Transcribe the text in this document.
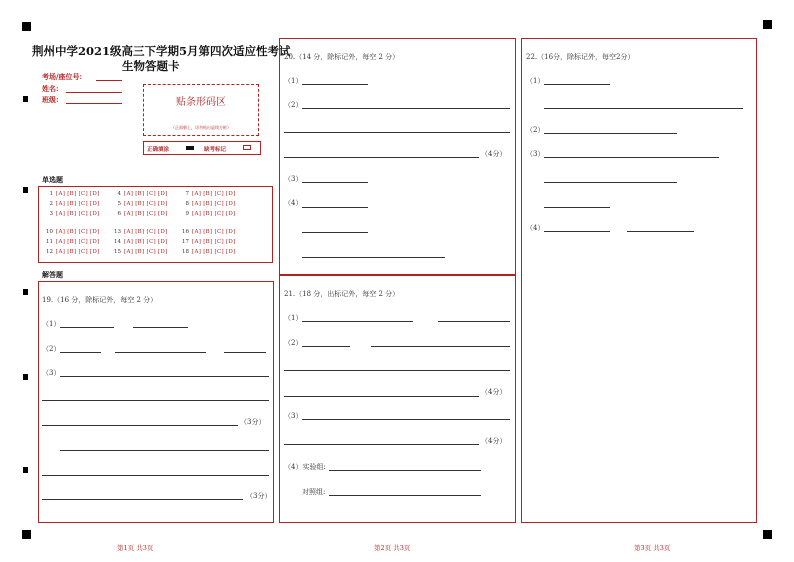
荆州中学2021级高三下学期5月第四次适应性考试
生物答题卡
考场/座位号:
姓名:
班级:	贴条形码区
（正面朝上，切勿贴出虚线方框）
正确填涂	缺考标记
单选题
1 [A] [B] [C] [D]	4 [A] [B] [C] [D]	7 [A] [B] [C] [D]
2 [A] [B] [C] [D]	5 [A] [B] [C] [D]	8 [A] [B] [C] [D]
3 [A] [B] [C] [D]	6 [A] [B] [C] [D]	9 [A] [B] [C] [D]
10 [A] [B] [C] [D]	13 [A] [B] [C] [D]	16 [A] [B] [C] [D]
11 [A] [B] [C] [D]	14 [A] [B] [C] [D]	17 [A] [B] [C] [D]
12 [A] [B] [C] [D]	15 [A] [B] [C] [D]	18 [A] [B] [C] [D]
解答题
19.（16 分，除标记外，每空 2 分）
（1）
（2）
（3）
（3分）
（3分）
20.（14 分，除标记外，每空 2 分）
（1）
（2）
（4分）
（3）
（4）
21.（18 分，出标记外，每空 2 分）
（1）
（2）
（4分）
（3）
（4分）
（4）实验组:
对照组:
22.（16分，除标记外，每空2分）
（1）
（2）
（3）
（4）
第1页 共3页	第2页 共3页	第3页 共3页
